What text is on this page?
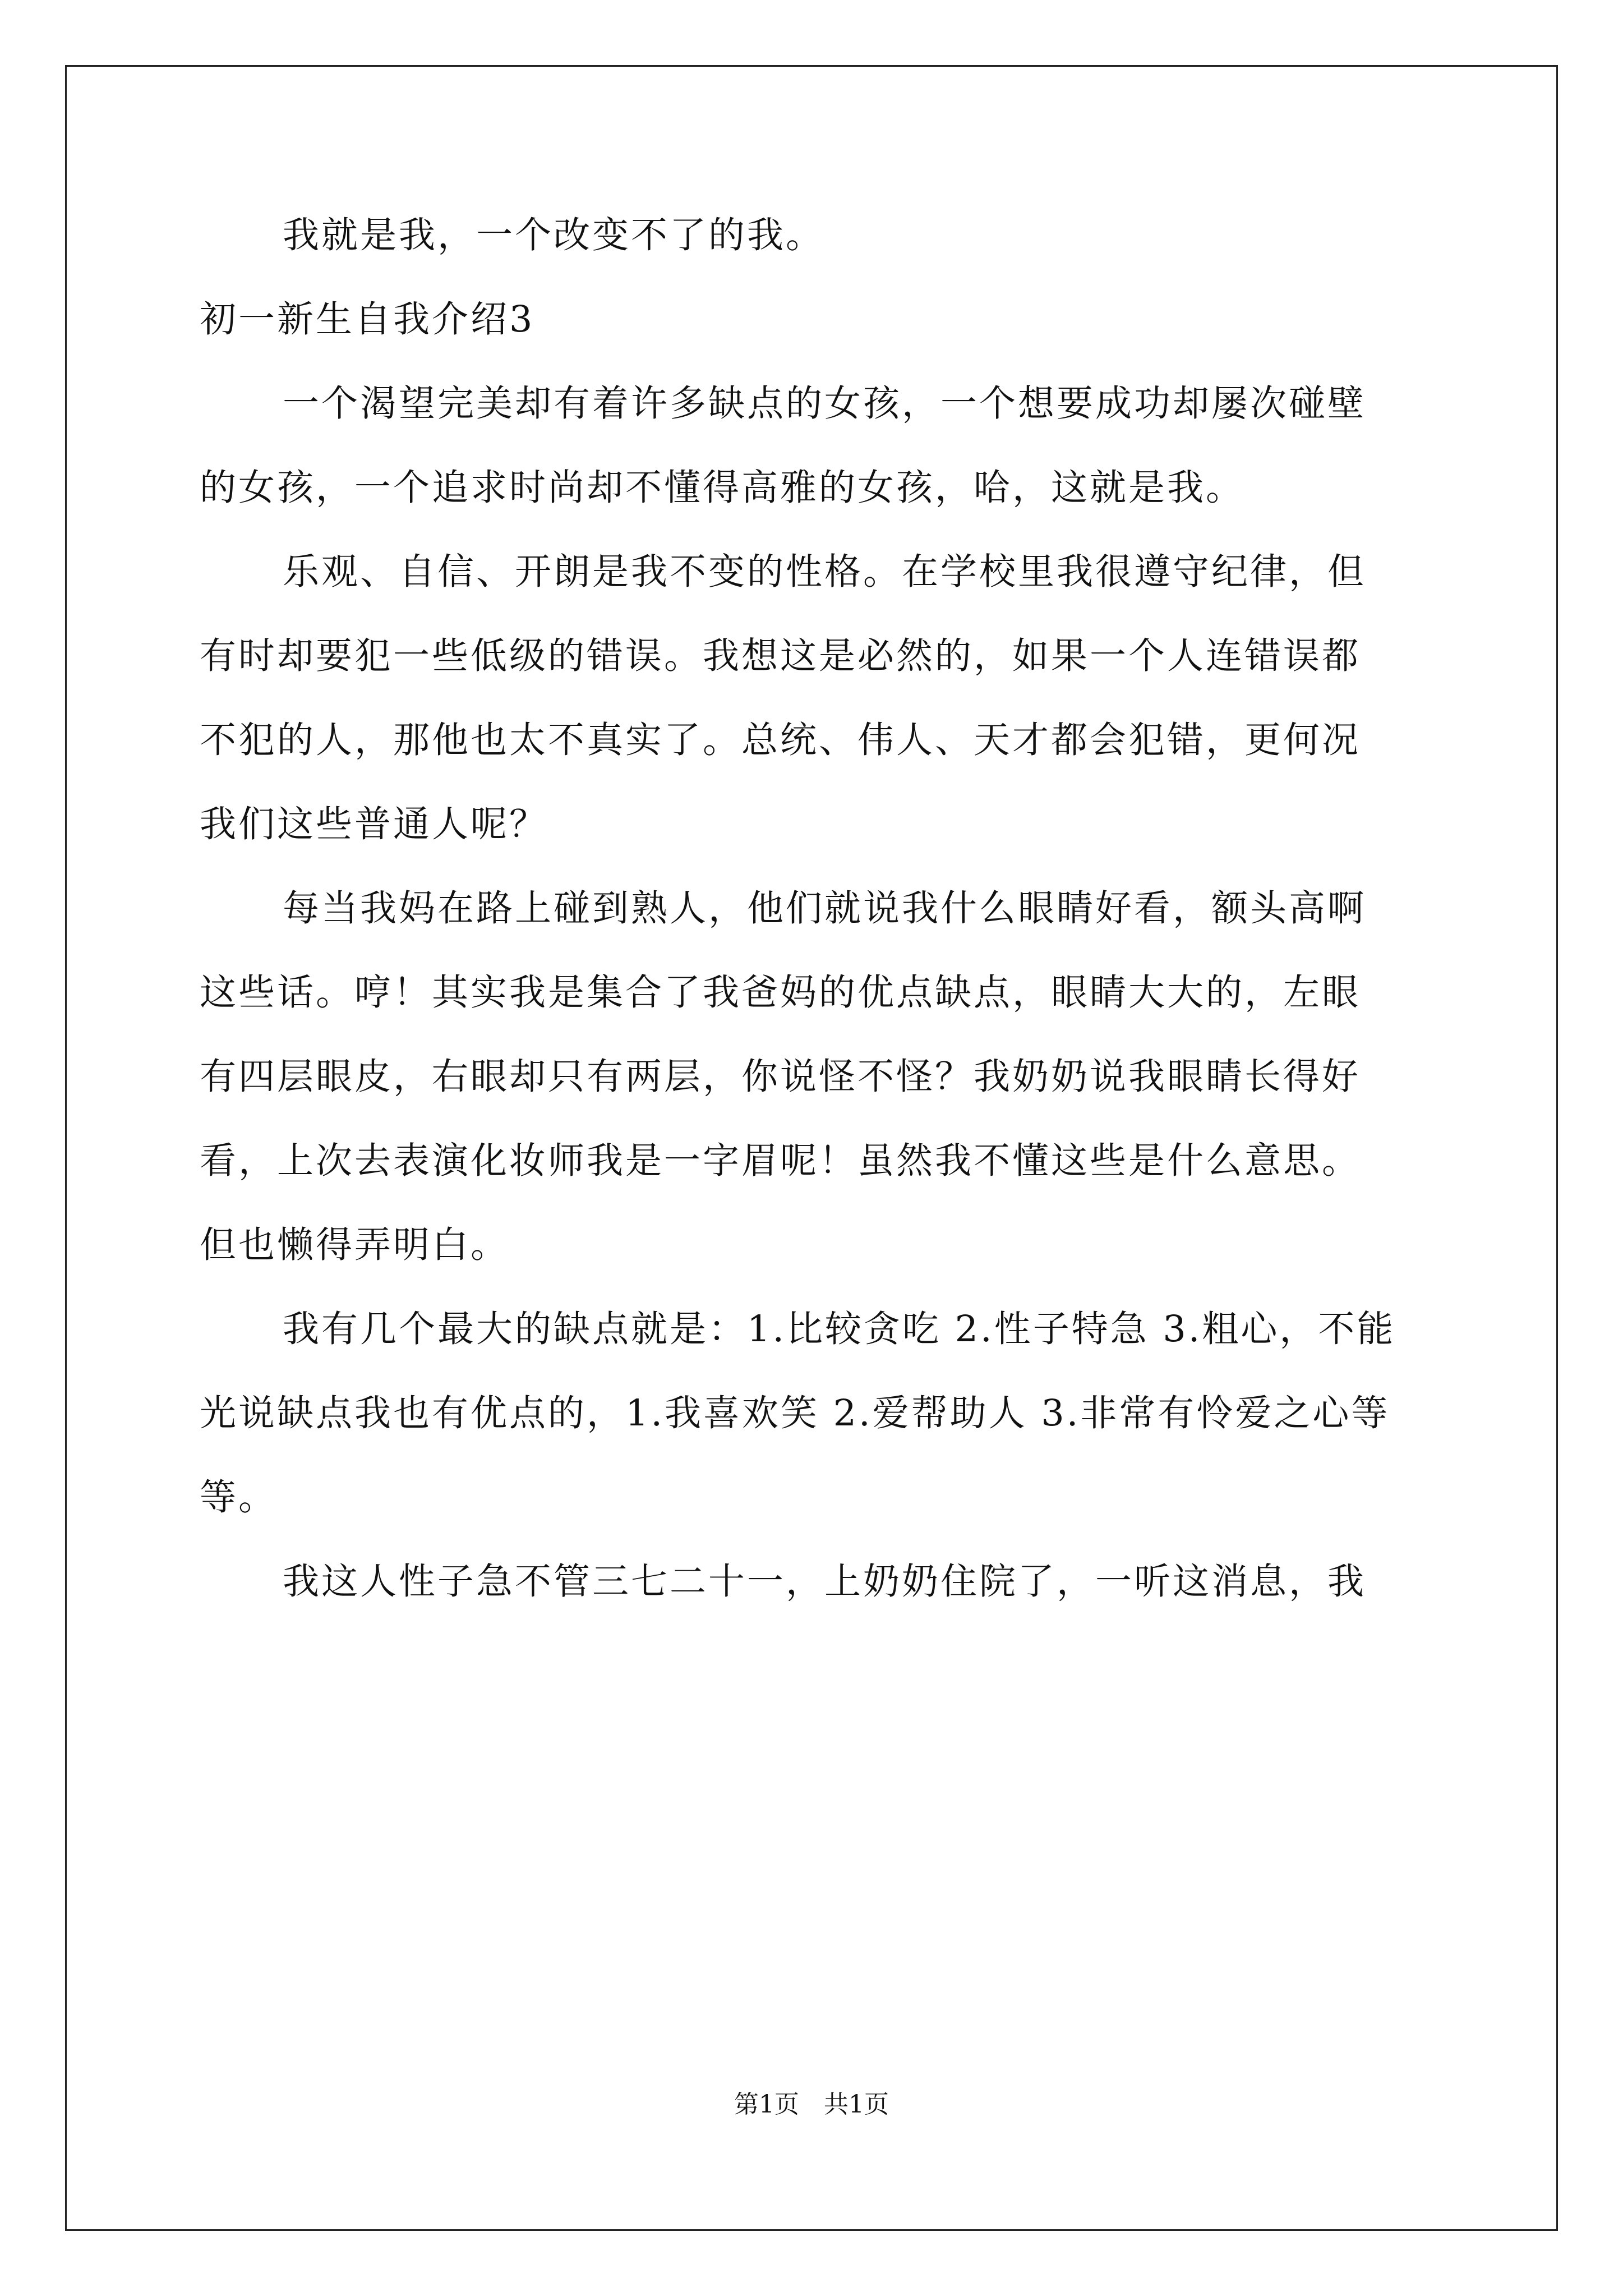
我就是我，一个改变不了的我。
初一新生自我介绍3
一个渴望完美却有着许多缺点的女孩，一个想要成功却屡次碰壁
的女孩，一个追求时尚却不懂得高雅的女孩，哈，这就是我。
乐观、自信、开朗是我不变的性格。在学校里我很遵守纪律，但
有时却要犯一些低级的错误。我想这是必然的，如果一个人连错误都
不犯的人，那他也太不真实了。总统、伟人、天才都会犯错，更何况
我们这些普通人呢？
每当我妈在路上碰到熟人，他们就说我什么眼睛好看，额头高啊
这些话。哼！其实我是集合了我爸妈的优点缺点，眼睛大大的，左眼
有四层眼皮，右眼却只有两层，你说怪不怪？我奶奶说我眼睛长得好
看，上次去表演化妆师我是一字眉呢！虽然我不懂这些是什么意思。
但也懒得弄明白。
我有几个最大的缺点就是：1.比较贪吃 2.性子特急 3.粗心，不能
光说缺点我也有优点的，1.我喜欢笑 2.爱帮助人 3.非常有怜爱之心等
等。
我这人性子急不管三七二十一，上奶奶住院了，一听这消息，我
第1页　共1页
